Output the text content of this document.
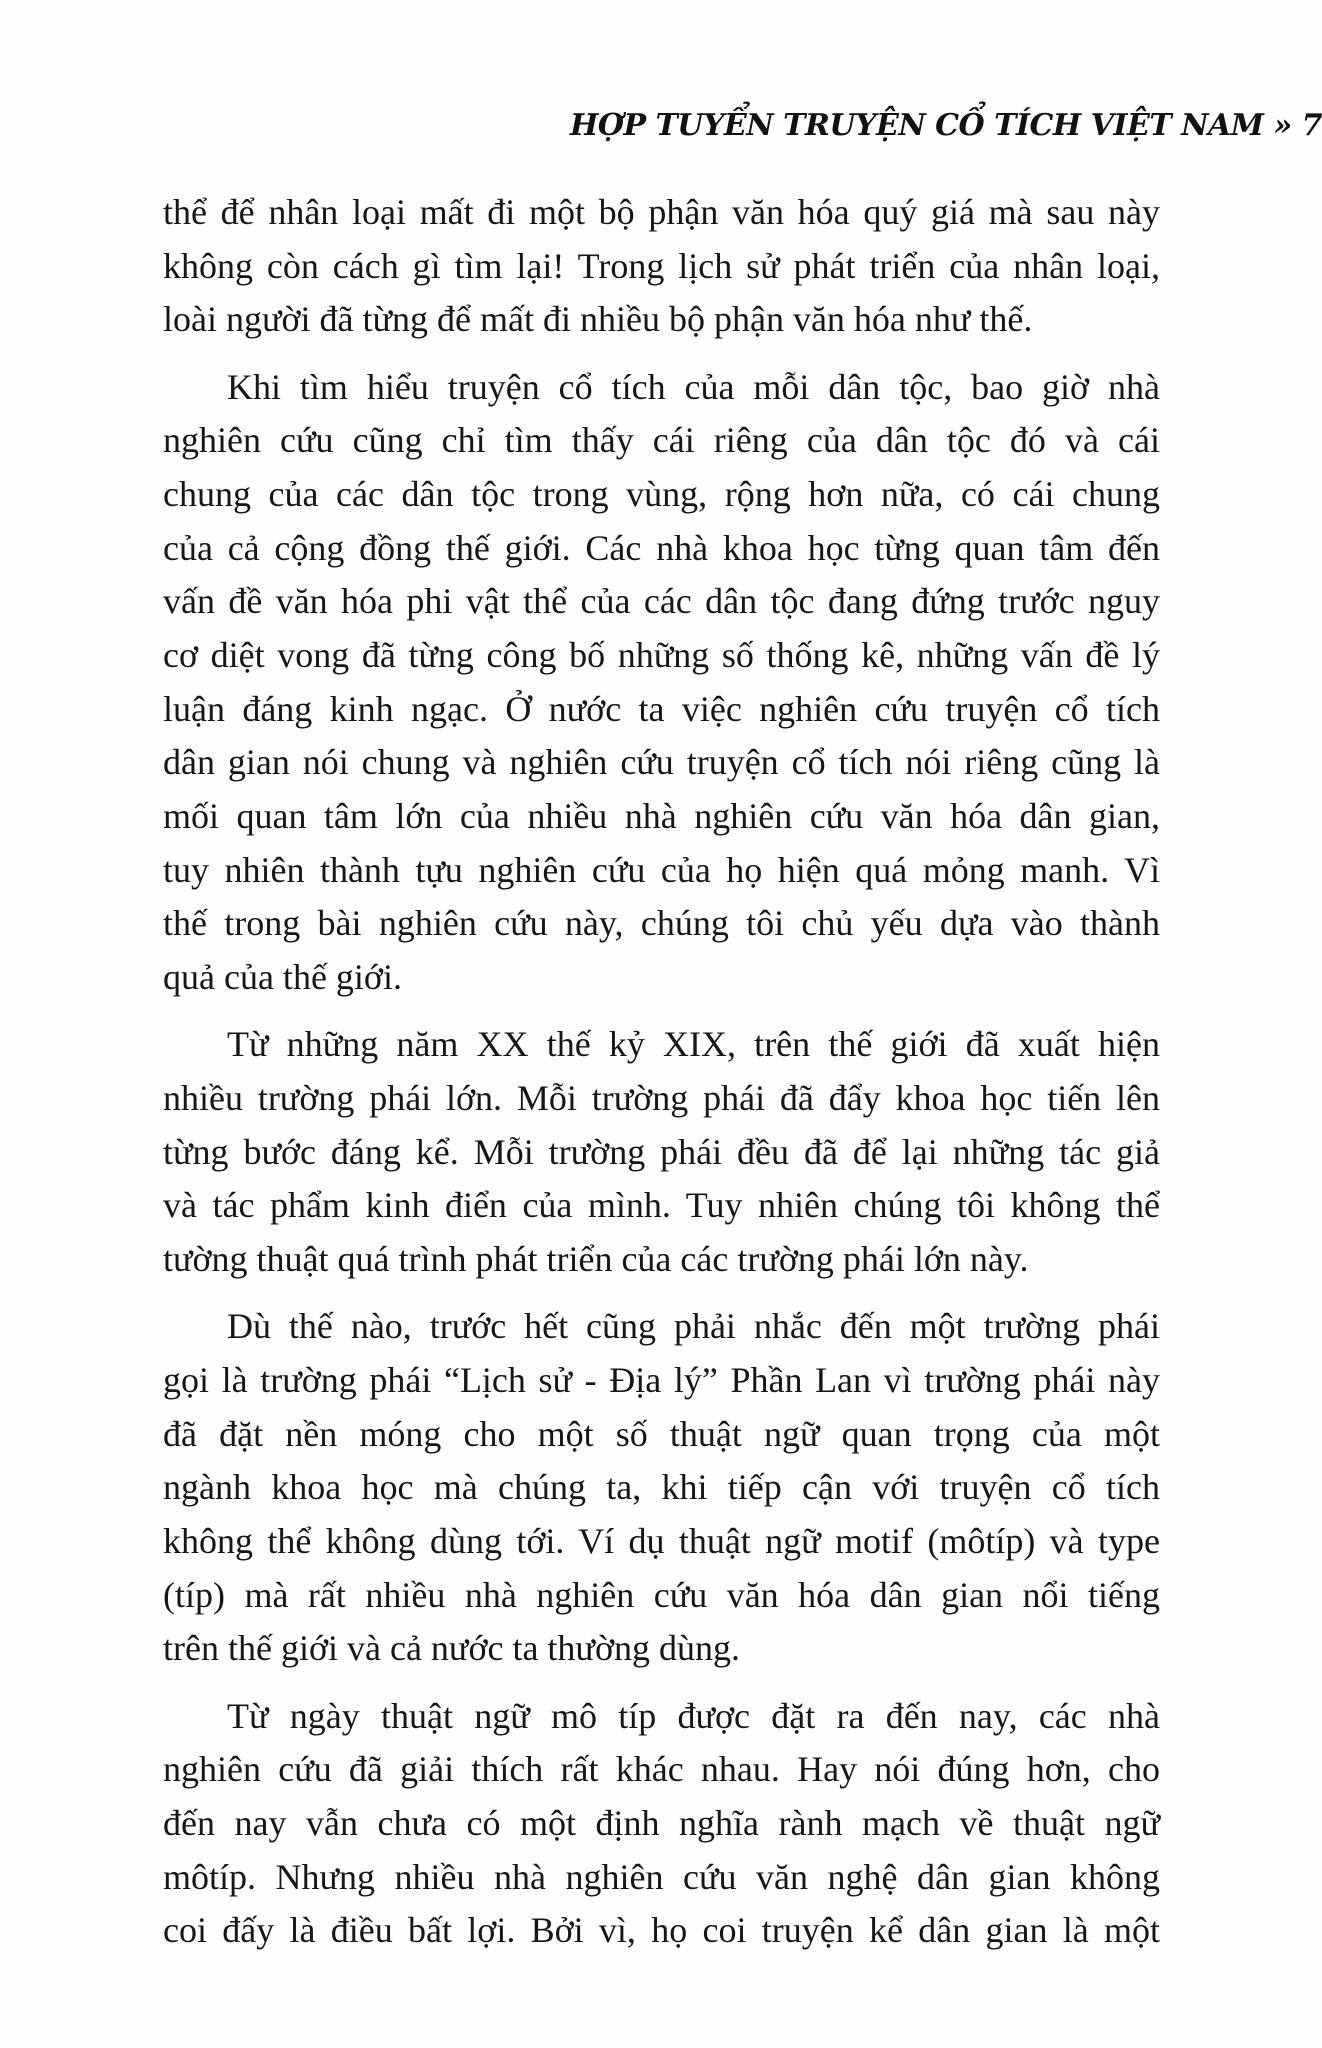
HỢP TUYỂN TRUYỆN CỔ TÍCH VIỆT NAM » 7
thể để nhân loại mất đi một bộ phận văn hóa quý giá mà sau này
không còn cách gì tìm lại! Trong lịch sử phát triển của nhân loại,
loài người đã từng để mất đi nhiều bộ phận văn hóa như thế.
Khi tìm hiểu truyện cổ tích của mỗi dân tộc, bao giờ nhà
nghiên cứu cũng chỉ tìm thấy cái riêng của dân tộc đó và cái
chung của các dân tộc trong vùng, rộng hơn nữa, có cái chung
của cả cộng đồng thế giới. Các nhà khoa học từng quan tâm đến
vấn đề văn hóa phi vật thể của các dân tộc đang đứng trước nguy
cơ diệt vong đã từng công bố những số thống kê, những vấn đề lý
luận đáng kinh ngạc. Ở nước ta việc nghiên cứu truyện cổ tích
dân gian nói chung và nghiên cứu truyện cổ tích nói riêng cũng là
mối quan tâm lớn của nhiều nhà nghiên cứu văn hóa dân gian,
tuy nhiên thành tựu nghiên cứu của họ hiện quá mỏng manh. Vì
thế trong bài nghiên cứu này, chúng tôi chủ yếu dựa vào thành
quả của thế giới.
Từ những năm XX thế kỷ XIX, trên thế giới đã xuất hiện
nhiều trường phái lớn. Mỗi trường phái đã đẩy khoa học tiến lên
từng bước đáng kể. Mỗi trường phái đều đã để lại những tác giả
và tác phẩm kinh điển của mình. Tuy nhiên chúng tôi không thể
tường thuật quá trình phát triển của các trường phái lớn này.
Dù thế nào, trước hết cũng phải nhắc đến một trường phái
gọi là trường phái “Lịch sử - Địa lý” Phần Lan vì trường phái này
đã đặt nền móng cho một số thuật ngữ quan trọng của một
ngành khoa học mà chúng ta, khi tiếp cận với truyện cổ tích
không thể không dùng tới. Ví dụ thuật ngữ motif (môtíp) và type
(típ) mà rất nhiều nhà nghiên cứu văn hóa dân gian nổi tiếng
trên thế giới và cả nước ta thường dùng.
Từ ngày thuật ngữ mô típ được đặt ra đến nay, các nhà
nghiên cứu đã giải thích rất khác nhau. Hay nói đúng hơn, cho
đến nay vẫn chưa có một định nghĩa rành mạch về thuật ngữ
môtíp. Nhưng nhiều nhà nghiên cứu văn nghệ dân gian không
coi đấy là điều bất lợi. Bởi vì, họ coi truyện kể dân gian là một
